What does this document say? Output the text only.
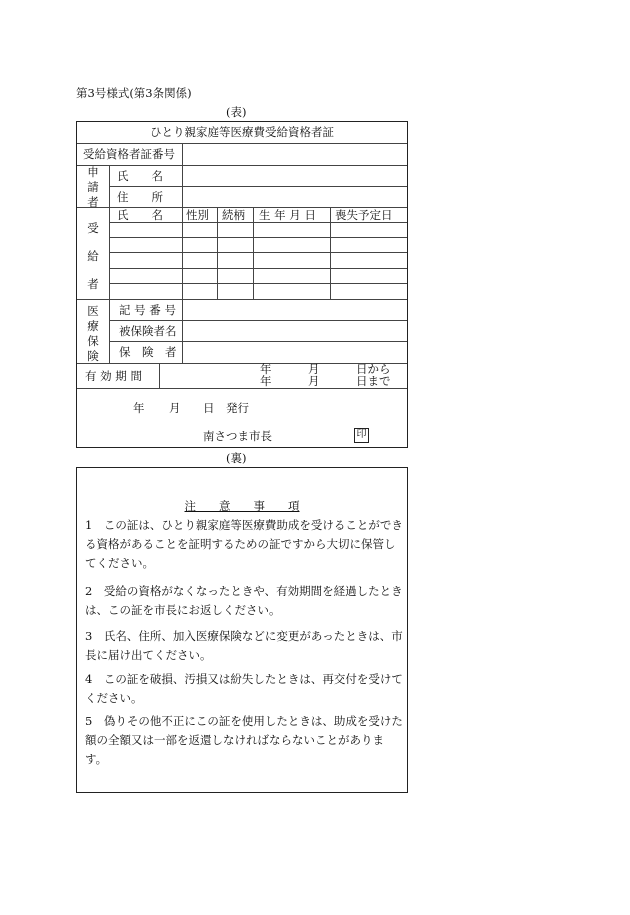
第3号様式(第3条関係)
(表)
ひとり親家庭等医療費受給資格者証
受給資格者証番号
申請者
氏　　名
住　　所
受給者
氏　　名 性別 続柄 生 年 月 日 喪失予定日
医療保険
記 号 番 号
被保険者名
保　険　者
有 効 期 間	年	月	日から
年	月	日まで
年 月 日 発行
南さつま市長	印
(裏)
注　　意　　事　　項
1　この証は、ひとり親家庭等医療費助成を受けることができる資格があることを証明するための証ですから大切に保管してください。
2　受給の資格がなくなったときや、有効期間を経過したときは、この証を市長にお返しください。
3　氏名、住所、加入医療保険などに変更があったときは、市長に届け出てください。
4　この証を破損、汚損又は紛失したときは、再交付を受けてください。
5　偽りその他不正にこの証を使用したときは、助成を受けた額の全額又は一部を返還しなければならないことがあります。
